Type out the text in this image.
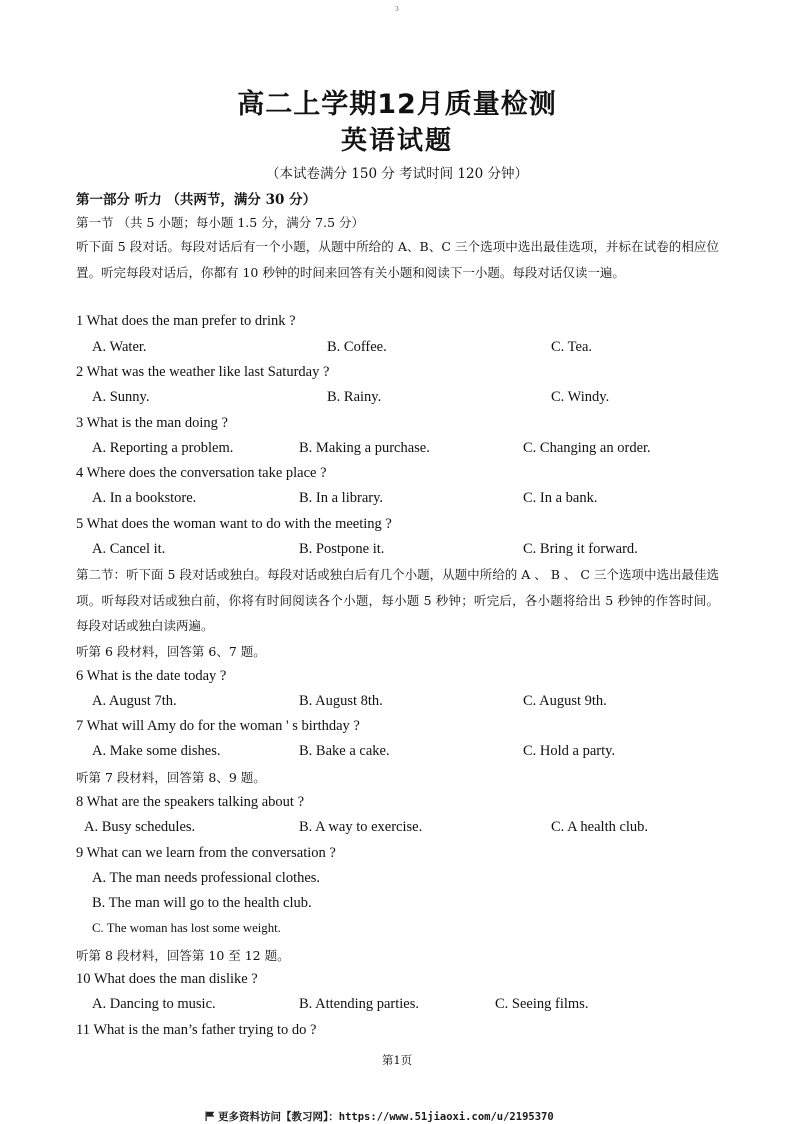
3
高二上学期12月质量检测
英语试题
（本试卷满分 150 分 考试时间 120 分钟）
第一部分 听力 （共两节，满分 30 分）
第一节 （共 5 小题；每小题 1.5 分，满分 7.5 分）
听下面 5 段对话。每段对话后有一个小题，从题中所给的 A、B、C 三个选项中选出最佳选项，并标在试卷的相应位置。听完每段对话后，你都有 10 秒钟的时间来回答有关小题和阅读下一小题。每段对话仅读一遍。
1 What does the man prefer to drink ?
A. Water.	B. Coffee.	C. Tea.
2 What was the weather like last Saturday ?
A. Sunny.	B. Rainy.	C. Windy.
3 What is the man doing ?
A. Reporting a problem.	B. Making a purchase.	C. Changing an order.
4 Where does the conversation take place ?
A. In a bookstore.	B. In a library.	C. In a bank.
5 What does the woman want to do with the meeting ?
A. Cancel it.	B. Postpone it.	C. Bring it forward.
第二节：听下面 5 段对话或独白。每段对话或独白后有几个小题，从题中所给的 A 、 B 、 C 三个选项中选出最佳选项。听每段对话或独白前，你将有时间阅读各个小题，每小题 5 秒钟；听完后，各小题将给出 5 秒钟的作答时间。每段对话或独白读两遍。
听第 6 段材料，回答第 6、7 题。
6 What is the date today ?
A. August 7th.	B. August 8th.	C. August 9th.
7 What will Amy do for the woman ' s birthday ?
A. Make some dishes.	B. Bake a cake.	C. Hold a party.
听第 7 段材料，回答第 8、9 题。
8 What are the speakers talking about ?
A. Busy schedules.	B. A way to exercise.	C. A health club.
9 What can we learn from the conversation ?
A. The man needs professional clothes.
B. The man will go to the health club.
C. The woman has lost some weight.
听第 8 段材料，回答第 10 至 12 题。
10 What does the man dislike ?
A. Dancing to music.	B. Attending parties.	C. Seeing films.
11 What is the man’s father trying to do ?
第1页
更多资料访问【教习网】：https://www.51jiaoxi.com/u/2195370
